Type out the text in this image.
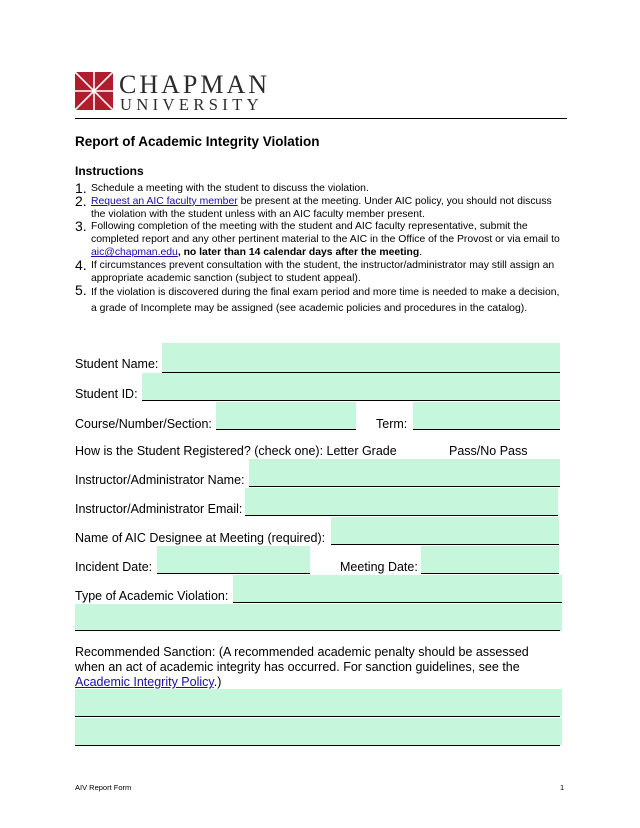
CHAPMAN
UNIVERSITY
Report of Academic Integrity Violation
Instructions
1. Schedule a meeting with the student to discuss the violation.
2. Request an AIC faculty member be present at the meeting. Under AIC policy, you should not discuss the violation with the student unless with an AIC faculty member present.
3. Following completion of the meeting with the student and AIC faculty representative, submit the completed report and any other pertinent material to the AIC in the Office of the Provost or via email to aic@chapman.edu, no later than 14 calendar days after the meeting.
4. If circumstances prevent consultation with the student, the instructor/administrator may still assign an appropriate academic sanction (subject to student appeal).
5. If the violation is discovered during the final exam period and more time is needed to make a decision, a grade of Incomplete may be assigned (see academic policies and procedures in the catalog).
Student Name:
Student ID:
Course/Number/Section:	Term:
How is the Student Registered? (check one): Letter Grade	Pass/No Pass
Instructor/Administrator Name:
Instructor/Administrator Email:
Name of AIC Designee at Meeting (required):
Incident Date:	Meeting Date:
Type of Academic Violation:
Recommended Sanction: (A recommended academic penalty should be assessed when an act of academic integrity has occurred. For sanction guidelines, see the Academic Integrity Policy.)
AIV Report Form	1
